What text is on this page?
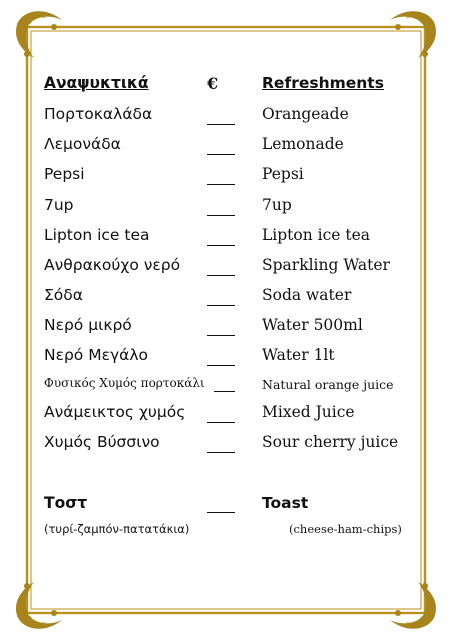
Αναψυκτικά	€	Refreshments
Πορτοκαλάδα	Orangeade
Λεμονάδα	Lemonade
Pepsi	Pepsi
7up	7up
Lipton ice tea	Lipton ice tea
Ανθρακούχο νερό	Sparkling Water
Σόδα	Soda water
Νερό μικρό	Water 500ml
Νερό Μεγάλο	Water 1lt
Φυσικός Χυμός πορτοκάλι	Natural orange juice
Ανάμεικτος χυμός	Mixed Juice
Χυμός Βύσσινο	Sour cherry juice
Τοστ	Toast
(τυρί-ζαμπόν-πατατάκια)	(cheese-ham-chips)
